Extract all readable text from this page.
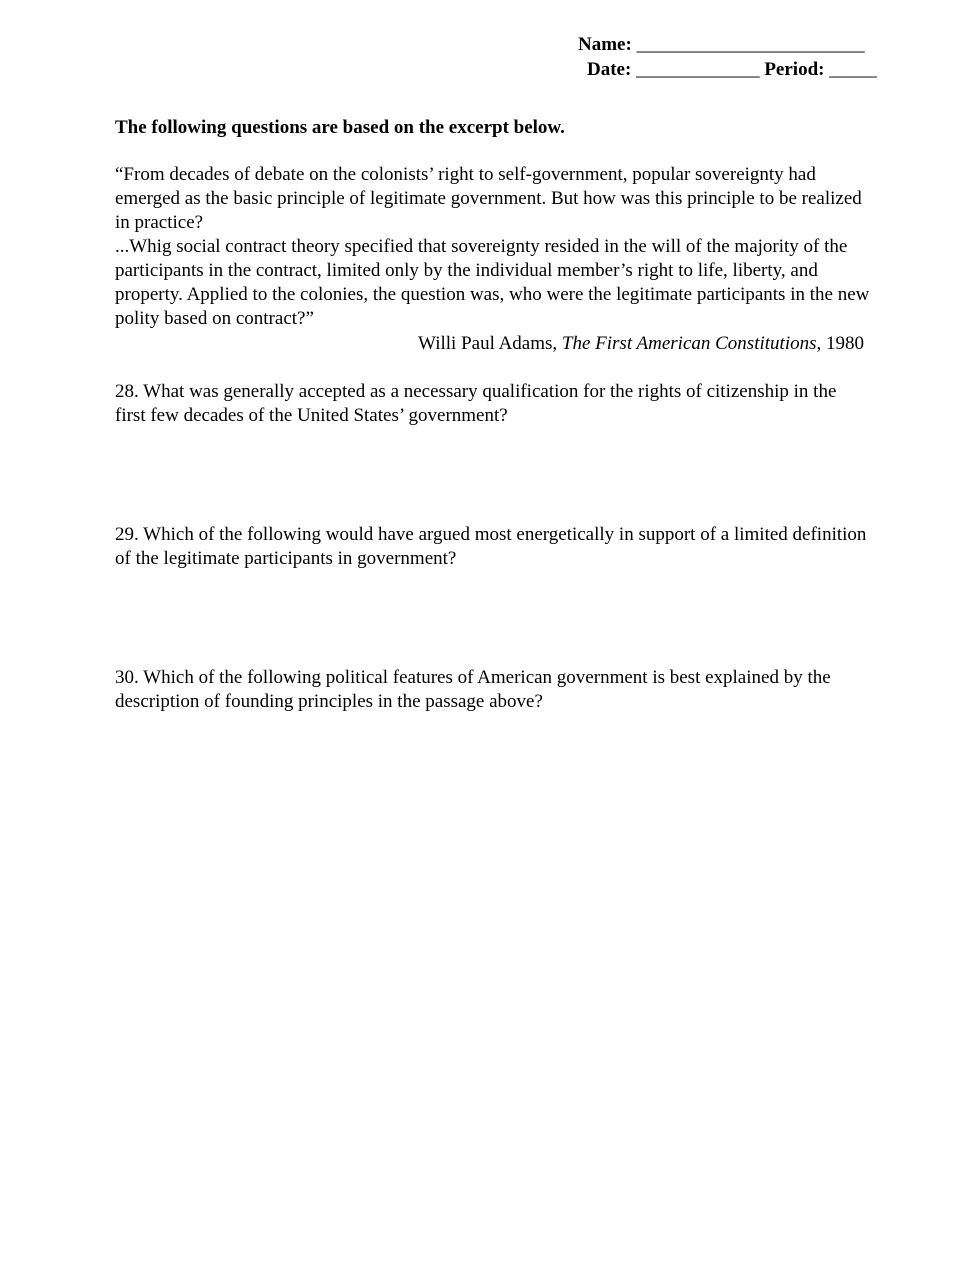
Name: ________________________
Date: _____________ Period: _____
The following questions are based on the excerpt below.

“From decades of debate on the colonists’ right to self-government, popular sovereignty had emerged as the basic principle of legitimate government. But how was this principle to be realized in practice?

...Whig social contract theory specified that sovereignty resided in the will of the majority of the participants in the contract, limited only by the individual member’s right to life, liberty, and property. Applied to the colonies, the question was, who were the legitimate participants in the new polity based on contract?”

Willi Paul Adams, The First American Constitutions, 1980

28. What was generally accepted as a necessary qualification for the rights of citizenship in the first few decades of the United States’ government?

29. Which of the following would have argued most energetically in support of a limited definition of the legitimate participants in government?

30. Which of the following political features of American government is best explained by the description of founding principles in the passage above?
